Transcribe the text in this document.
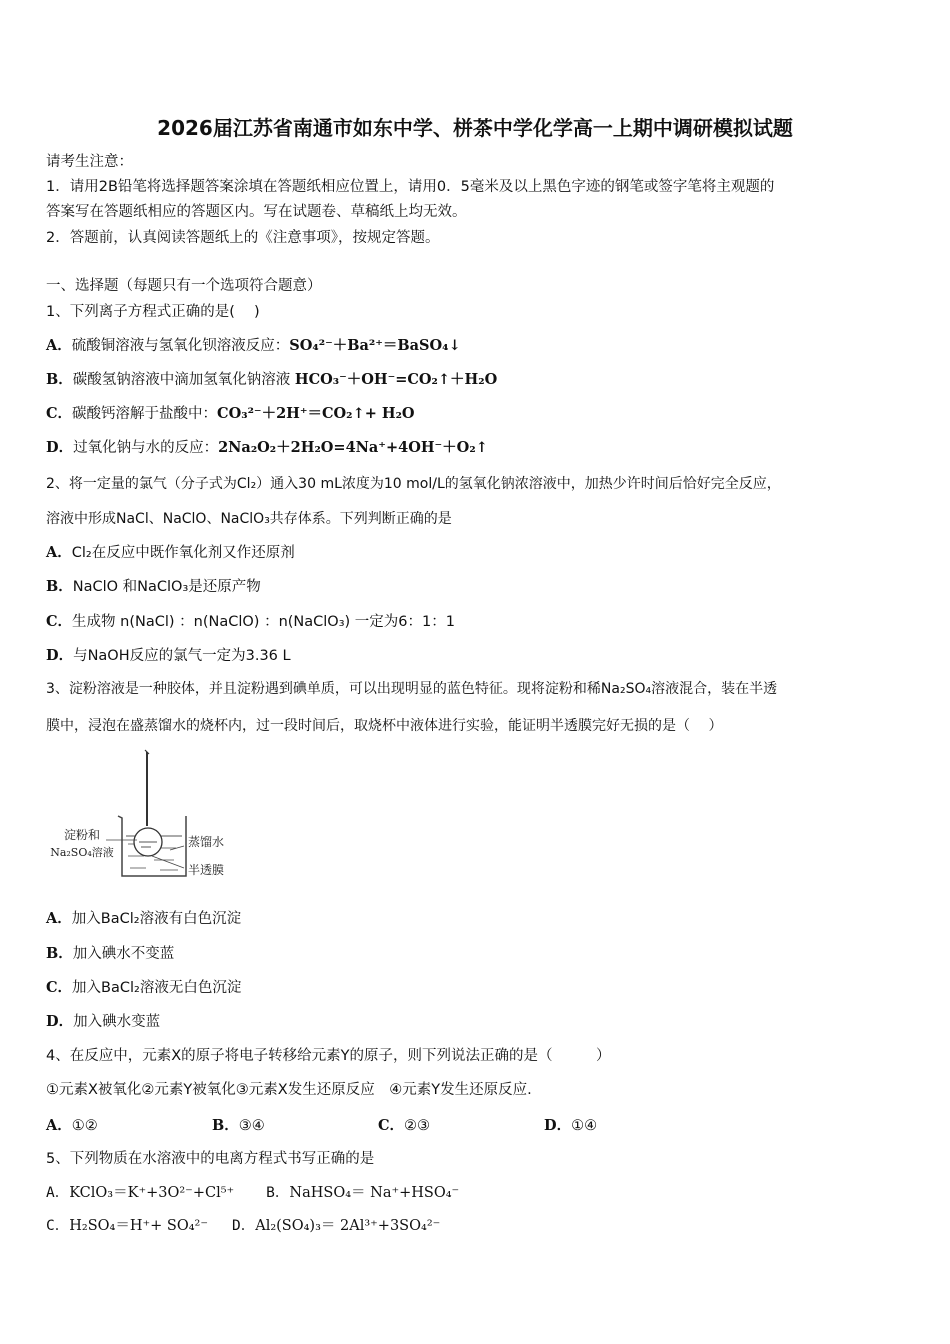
2026届江苏省南通市如东中学、栟茶中学化学高一上期中调研模拟试题
请考生注意：
1．请用2B铅笔将选择题答案涂填在答题纸相应位置上，请用0．5毫米及以上黑色字迹的钢笔或签字笔将主观题的
答案写在答题纸相应的答题区内。写在试题卷、草稿纸上均无效。
2．答题前，认真阅读答题纸上的《注意事项》，按规定答题。
一、选择题（每题只有一个选项符合题意）
1、下列离子方程式正确的是(　 )
A．硫酸铜溶液与氢氧化钡溶液反应：SO₄²⁻＋Ba²⁺＝BaSO₄↓
B．碳酸氢钠溶液中滴加氢氧化钠溶液 HCO₃⁻＋OH⁻=CO₂↑＋H₂O
C．碳酸钙溶解于盐酸中：CO₃²⁻＋2H⁺＝CO₂↑+ H₂O
D．过氧化钠与水的反应：2Na₂O₂＋2H₂O=4Na⁺+4OH⁻＋O₂↑
2、将一定量的氯气（分子式为Cl₂）通入30 mL浓度为10 mol/L的氢氧化钠浓溶液中，加热少许时间后恰好完全反应，
溶液中形成NaCl、NaClO、NaClO₃共存体系。下列判断正确的是
A．Cl₂在反应中既作氧化剂又作还原剂
B．NaClO 和NaClO₃是还原产物
C．生成物 n(NaCl) ：n(NaClO) ：n(NaClO₃) 一定为6：1：1
D．与NaOH反应的氯气一定为3.36 L
3、淀粉溶液是一种胶体，并且淀粉遇到碘单质，可以出现明显的蓝色特征。现将淀粉和稀Na₂SO₄溶液混合，装在半透
膜中，浸泡在盛蒸馏水的烧杯内，过一段时间后，取烧杯中液体进行实验，能证明半透膜完好无损的是（　 ）
淀粉和
Na₂SO₄溶液
蒸馏水
半透膜
A．加入BaCl₂溶液有白色沉淀
B．加入碘水不变蓝
C．加入BaCl₂溶液无白色沉淀
D．加入碘水变蓝
4、在反应中，元素X的原子将电子转移给元素Y的原子，则下列说法正确的是（　　　）
①元素X被氧化②元素Y被氧化③元素X发生还原反应　④元素Y发生还原反应.
A．①②	B．③④	C．②③	D．①④
5、下列物质在水溶液中的电离方程式书写正确的是
A．KClO₃＝K⁺+3O²⁻+Cl⁵⁺ B．NaHSO₄＝ Na⁺+HSO₄⁻
C．H₂SO₄＝H⁺+ SO₄²⁻ D．Al₂(SO₄)₃＝ 2Al³⁺+3SO₄²⁻
